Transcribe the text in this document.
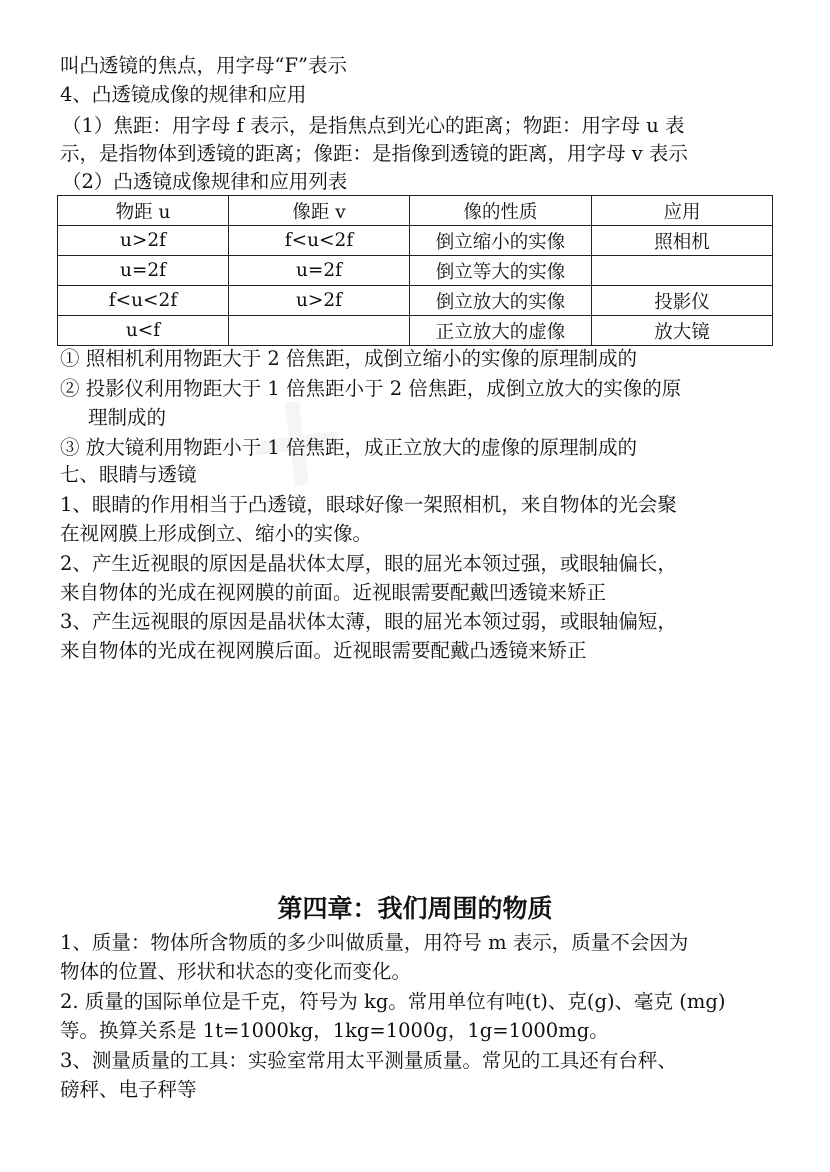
叫凸透镜的焦点，用字母“F”表示
4、凸透镜成像的规律和应用
（1）焦距：用字母 f 表示，是指焦点到光心的距离；物距：用字母 u 表
示，是指物体到透镜的距离；像距：是指像到透镜的距离，用字母 v 表示
（2）凸透镜成像规律和应用列表
物距 u	像距 v	像的性质	应用
u>2f	f<u<2f	倒立缩小的实像	照相机
u=2f	u=2f	倒立等大的实像	
f<u<2f	u>2f	倒立放大的实像	投影仪
u<f		正立放大的虚像	放大镜
① 照相机利用物距大于 2 倍焦距，成倒立缩小的实像的原理制成的
② 投影仪利用物距大于 1 倍焦距小于 2 倍焦距，成倒立放大的实像的原
理制成的
③ 放大镜利用物距小于 1 倍焦距，成正立放大的虚像的原理制成的
七、眼睛与透镜
1、眼睛的作用相当于凸透镜，眼球好像一架照相机，来自物体的光会聚
在视网膜上形成倒立、缩小的实像。
2、产生近视眼的原因是晶状体太厚，眼的屈光本领过强，或眼轴偏长，
来自物体的光成在视网膜的前面。近视眼需要配戴凹透镜来矫正
3、产生远视眼的原因是晶状体太薄，眼的屈光本领过弱，或眼轴偏短，
来自物体的光成在视网膜后面。近视眼需要配戴凸透镜来矫正
第四章：我们周围的物质
1、质量：物体所含物质的多少叫做质量，用符号 m 表示，质量不会因为
物体的位置、形状和状态的变化而变化。
2. 质量的国际单位是千克，符号为 kg。常用单位有吨(t)、克(g)、毫克 (mg)
等。换算关系是 1t=1000kg，1kg=1000g，1g=1000mg。
3、测量质量的工具：实验室常用太平测量质量。常见的工具还有台秤、
磅秤、电子秤等
